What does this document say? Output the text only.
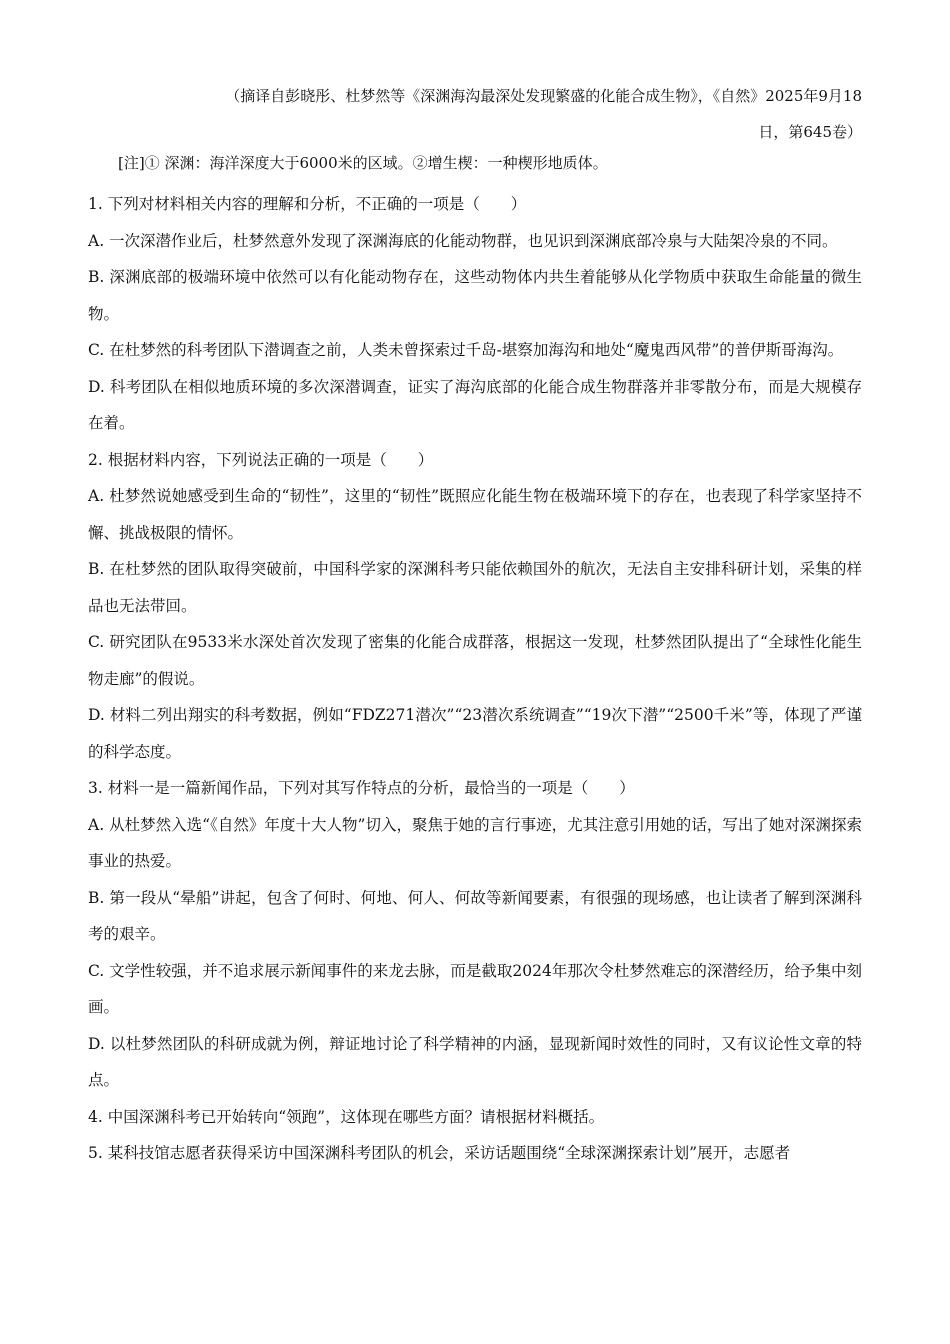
（摘译自彭晓彤、杜梦然等《深渊海沟最深处发现繁盛的化能合成生物》，《自然》2025年9月18
日，第645卷）
[注]① 深渊：海洋深度大于6000米的区域。②增生楔：一种楔形地质体。

1. 下列对材料相关内容的理解和分析，不正确的一项是（　　）

A. 一次深潜作业后，杜梦然意外发现了深渊海底的化能动物群，也见识到深渊底部冷泉与大陆架冷泉的不同。

B. 深渊底部的极端环境中依然可以有化能动物存在，这些动物体内共生着能够从化学物质中获取生命能量的微生物。

C. 在杜梦然的科考团队下潜调查之前，人类未曾探索过千岛-堪察加海沟和地处“魔鬼西风带”的普伊斯哥海沟。

D. 科考团队在相似地质环境的多次深潜调查，证实了海沟底部的化能合成生物群落并非零散分布，而是大规模存在着。

2. 根据材料内容，下列说法正确的一项是（　　）

A. 杜梦然说她感受到生命的“韧性”，这里的“韧性”既照应化能生物在极端环境下的存在，也表现了科学家坚持不懈、挑战极限的情怀。

B. 在杜梦然的团队取得突破前，中国科学家的深渊科考只能依赖国外的航次，无法自主安排科研计划，采集的样品也无法带回。

C. 研究团队在9533米水深处首次发现了密集的化能合成群落，根据这一发现，杜梦然团队提出了“全球性化能生物走廊”的假说。

D. 材料二列出翔实的科考数据，例如“FDZ271潜次”“23潜次系统调查”“19次下潜”“2500千米”等，体现了严谨的科学态度。

3. 材料一是一篇新闻作品，下列对其写作特点的分析，最恰当的一项是（　　）

A. 从杜梦然入选“《自然》年度十大人物”切入，聚焦于她的言行事迹，尤其注意引用她的话，写出了她对深渊探索事业的热爱。

B. 第一段从“晕船”讲起，包含了何时、何地、何人、何故等新闻要素，有很强的现场感，也让读者了解到深渊科考的艰辛。

C. 文学性较强，并不追求展示新闻事件的来龙去脉，而是截取2024年那次令杜梦然难忘的深潜经历，给予集中刻画。

D. 以杜梦然团队的科研成就为例，辩证地讨论了科学精神的内涵，显现新闻时效性的同时，又有议论性文章的特点。

4. 中国深渊科考已开始转向“领跑”，这体现在哪些方面？请根据材料概括。

5. 某科技馆志愿者获得采访中国深渊科考团队的机会，采访话题围绕“全球深渊探索计划”展开，志愿者
